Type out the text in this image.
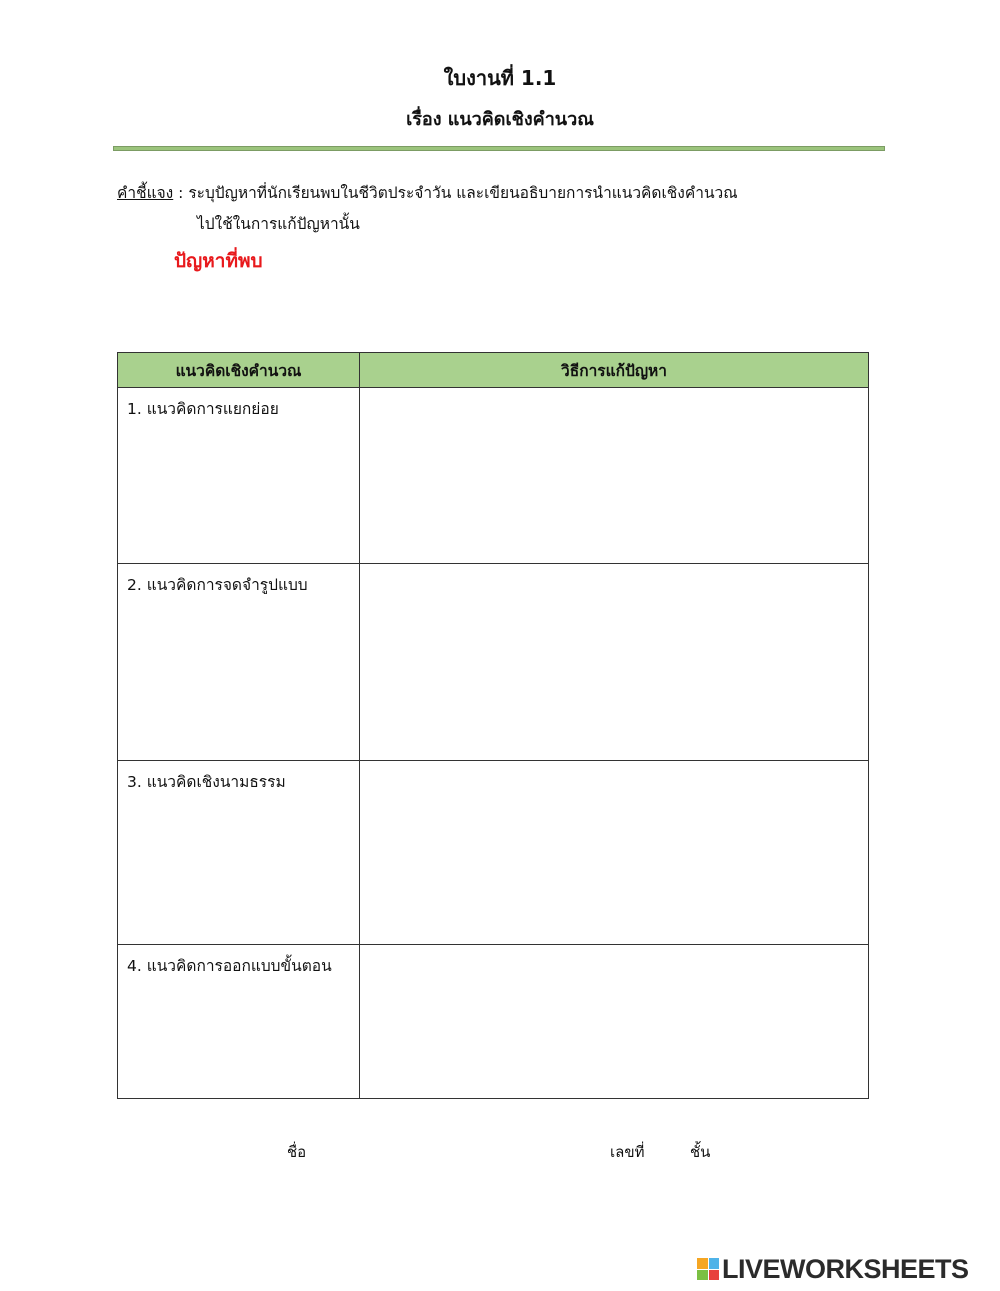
ใบงานที่ 1.1
เรื่อง แนวคิดเชิงคำนวณ
คำชี้แจง : ระบุปัญหาที่นักเรียนพบในชีวิตประจำวัน และเขียนอธิบายการนำแนวคิดเชิงคำนวณ
ไปใช้ในการแก้ปัญหานั้น
ปัญหาที่พบ
แนวคิดเชิงคำนวณ	วิธีการแก้ปัญหา
1. แนวคิดการแยกย่อย	
2. แนวคิดการจดจำรูปแบบ	
3. แนวคิดเชิงนามธรรม	
4. แนวคิดการออกแบบขั้นตอน	
ชื่อ	เลขที่	ชั้น
LIVEWORKSHEETS
